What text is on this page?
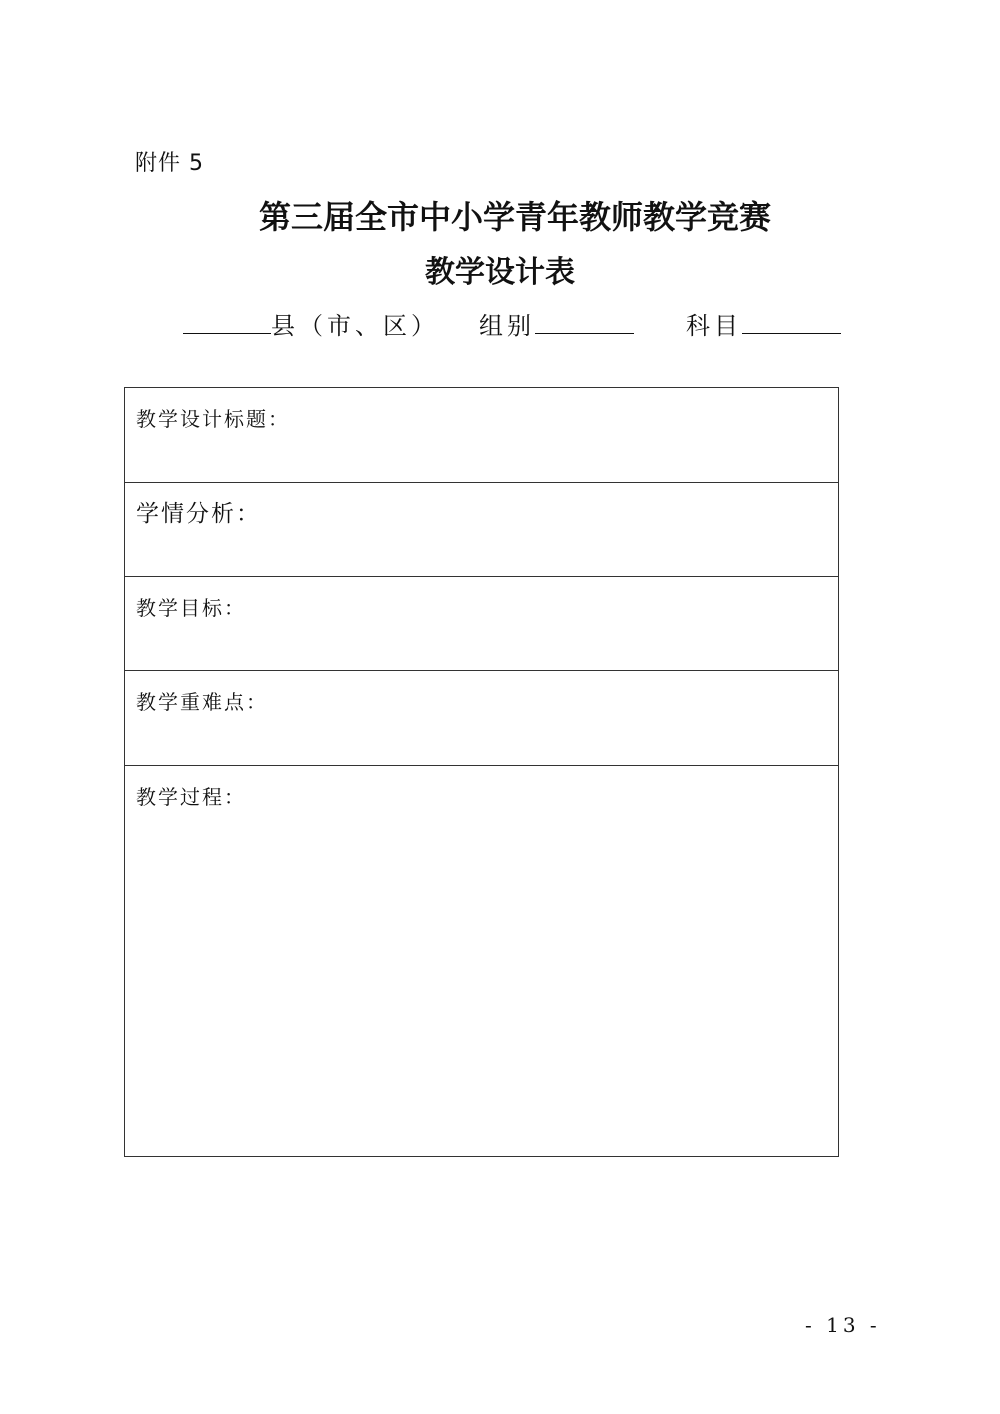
附件 5
第三届全市中小学青年教师教学竞赛
教学设计表
县（市、区） 组别	科目
教学设计标题：
学情分析：
教学目标：
教学重难点：
教学过程：
- 13 -
